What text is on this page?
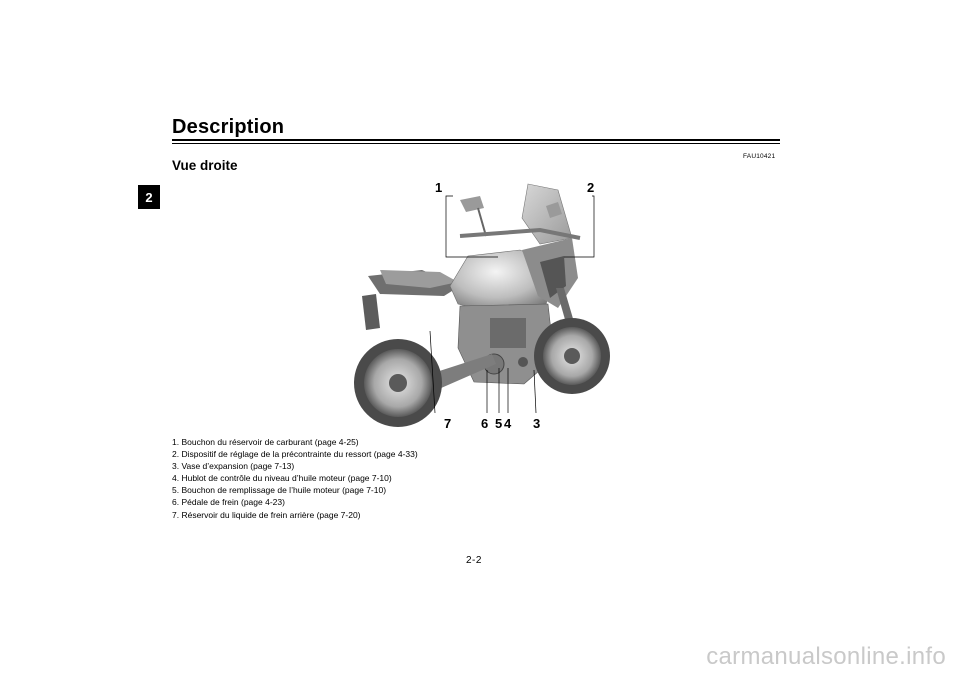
Description
2
FAU10421
Vue droite
1	2
7 6 5 4 3
1. Bouchon du réservoir de carburant (page 4-25)
2. Dispositif de réglage de la précontrainte du ressort (page 4-33)
3. Vase d’expansion (page 7-13)
4. Hublot de contrôle du niveau d’huile moteur (page 7-10)
5. Bouchon de remplissage de l’huile moteur (page 7-10)
6. Pédale de frein (page 4-23)
7. Réservoir du liquide de frein arrière (page 7-20)
2-2
carmanualsonline.info
